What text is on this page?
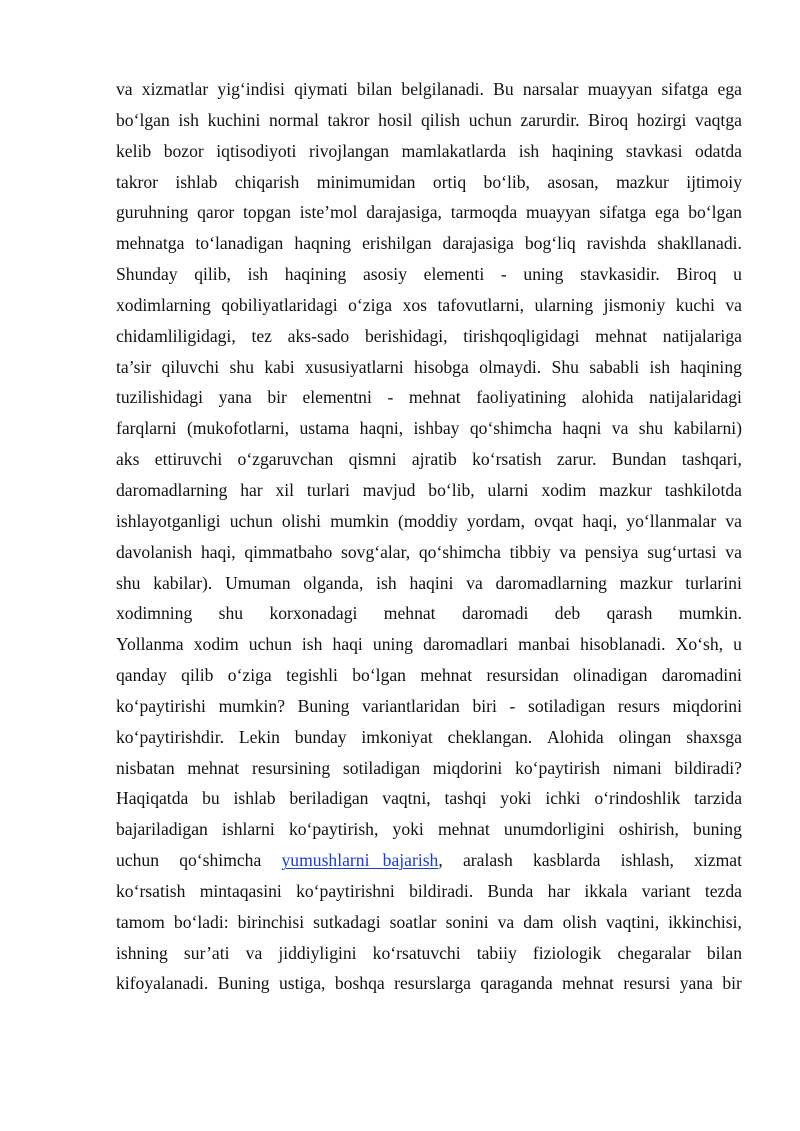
va xizmatlar yig‘indisi qiymati bilan belgilanadi. Bu narsalar muayyan sifatga ega
bo‘lgan ish kuchini normal takror hosil qilish uchun zarurdir. Biroq hozirgi vaqtga
kelib bozor iqtisodiyoti rivojlangan mamlakatlarda ish haqining stavkasi odatda
takror ishlab chiqarish minimumidan ortiq bo‘lib, asosan, mazkur ijtimoiy
guruhning qaror topgan iste’mol darajasiga, tarmoqda muayyan sifatga ega bo‘lgan
mehnatga to‘lanadigan haqning erishilgan darajasiga bog‘liq ravishda shakllanadi.
Shunday qilib, ish haqining asosiy elementi - uning stavkasidir. Biroq u
xodimlarning qobiliyatlaridagi o‘ziga xos tafovutlarni, ularning jismoniy kuchi va
chidamliligidagi, tez aks-sado berishidagi, tirishqoqligidagi mehnat natijalariga
ta’sir qiluvchi shu kabi xususiyatlarni hisobga olmaydi. Shu sababli ish haqining
tuzilishidagi yana bir elementni - mehnat faoliyatining alohida natijalaridagi
farqlarni (mukofotlarni, ustama haqni, ishbay qo‘shimcha haqni va shu kabilarni)
aks ettiruvchi o‘zgaruvchan qismni ajratib ko‘rsatish zarur. Bundan tashqari,
daromadlarning har xil turlari mavjud bo‘lib, ularni xodim mazkur tashkilotda
ishlayotganligi uchun olishi mumkin (moddiy yordam, ovqat haqi, yo‘llanmalar va
davolanish haqi, qimmatbaho sovg‘alar, qo‘shimcha tibbiy va pensiya sug‘urtasi va
shu kabilar). Umuman olganda, ish haqini va daromadlarning mazkur turlarini
xodimning shu korxonadagi mehnat daromadi deb qarash mumkin.
Yollanma xodim uchun ish haqi uning daromadlari manbai hisoblanadi. Xo‘sh, u
qanday qilib o‘ziga tegishli bo‘lgan mehnat resursidan olinadigan daromadini
ko‘paytirishi mumkin? Buning variantlaridan biri - sotiladigan resurs miqdorini
ko‘paytirishdir. Lekin bunday imkoniyat cheklangan. Alohida olingan shaxsga
nisbatan mehnat resursining sotiladigan miqdorini ko‘paytirish nimani bildiradi?
Haqiqatda bu ishlab beriladigan vaqtni, tashqi yoki ichki o‘rindoshlik tarzida
bajariladigan ishlarni ko‘paytirish, yoki mehnat unumdorligini oshirish, buning
uchun qo‘shimcha yumushlarni   bajarish, aralash kasblarda ishlash, xizmat
ko‘rsatish mintaqasini ko‘paytirishni bildiradi. Bunda har ikkala variant tezda
tamom bo‘ladi: birinchisi sutkadagi soatlar sonini va dam olish vaqtini, ikkinchisi,
ishning sur’ati va jiddiyligini ko‘rsatuvchi tabiiy fiziologik chegaralar bilan
kifoyalanadi. Buning ustiga, boshqa resurslarga qaraganda mehnat resursi yana bir
